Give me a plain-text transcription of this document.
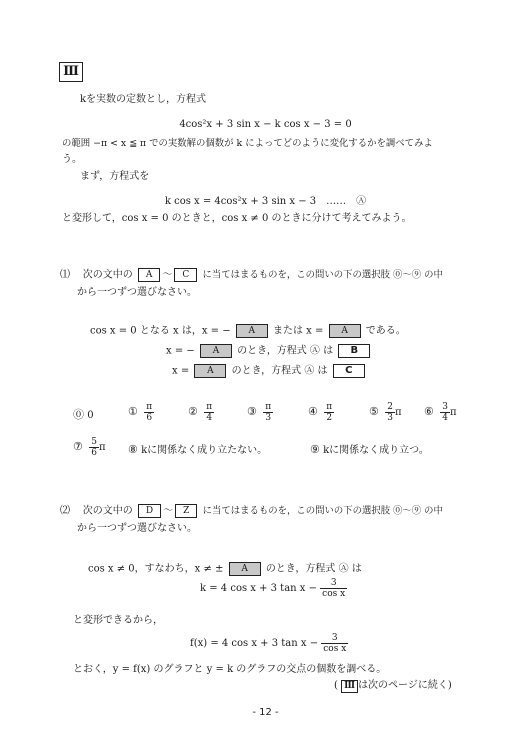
Ⅲ
kを実数の定数とし，方程式
4cos²x + 3 sin x − k cos x − 3 = 0
の範囲 −π < x ≦ π での実数解の個数が k によってどのように変化するかを調べてみよ
う。
まず，方程式を
k cos x = 4cos²x + 3 sin x − 3　……　Ⓐ
と変形して，cos x = 0 のときと，cos x ≠ 0 のときに分けて考えてみよう。
⑴ 次の文中の A 〜 C に当てはまるものを，この問いの下の選択肢 ⓪〜⑨ の中
から一つずつ選びなさい。
cos x = 0 となる x は，x = − A または x = A である。
x = − A のとき，方程式 Ⓐ は B
x = A のとき，方程式 Ⓐ は C
⓪ 0	① $\frac{\pi}{6}$	② $\frac{\pi}{4}$	③ $\frac{\pi}{3}$	④ $\frac{\pi}{2}$	⑤ $\frac{2}{3}$ π ⑥ $\frac{3}{4}$ π
⑦ $\frac{5}{6}$ π ⑧ kに関係なく成り立たない。	⑨ kに関係なく成り立つ。
⑵ 次の文中の D 〜 Z に当てはまるものを，この問いの下の選択肢 ⓪〜⑨ の中
から一つずつ選びなさい。
cos x ≠ 0，すなわち，x ≠ ± A のとき，方程式 Ⓐ は
k = 4 cos x + 3 $\tan x - \frac{3}{\text{cos x}}$
と変形できるから，
f(x) = 4 cos x + 3 $\tan x - \frac{3}{\text{cos x}}$
とおく，y = f(x) のグラフと y = k のグラフの交点の個数を調べる。
( Ⅲ は次のページに続く)
- 12 -
